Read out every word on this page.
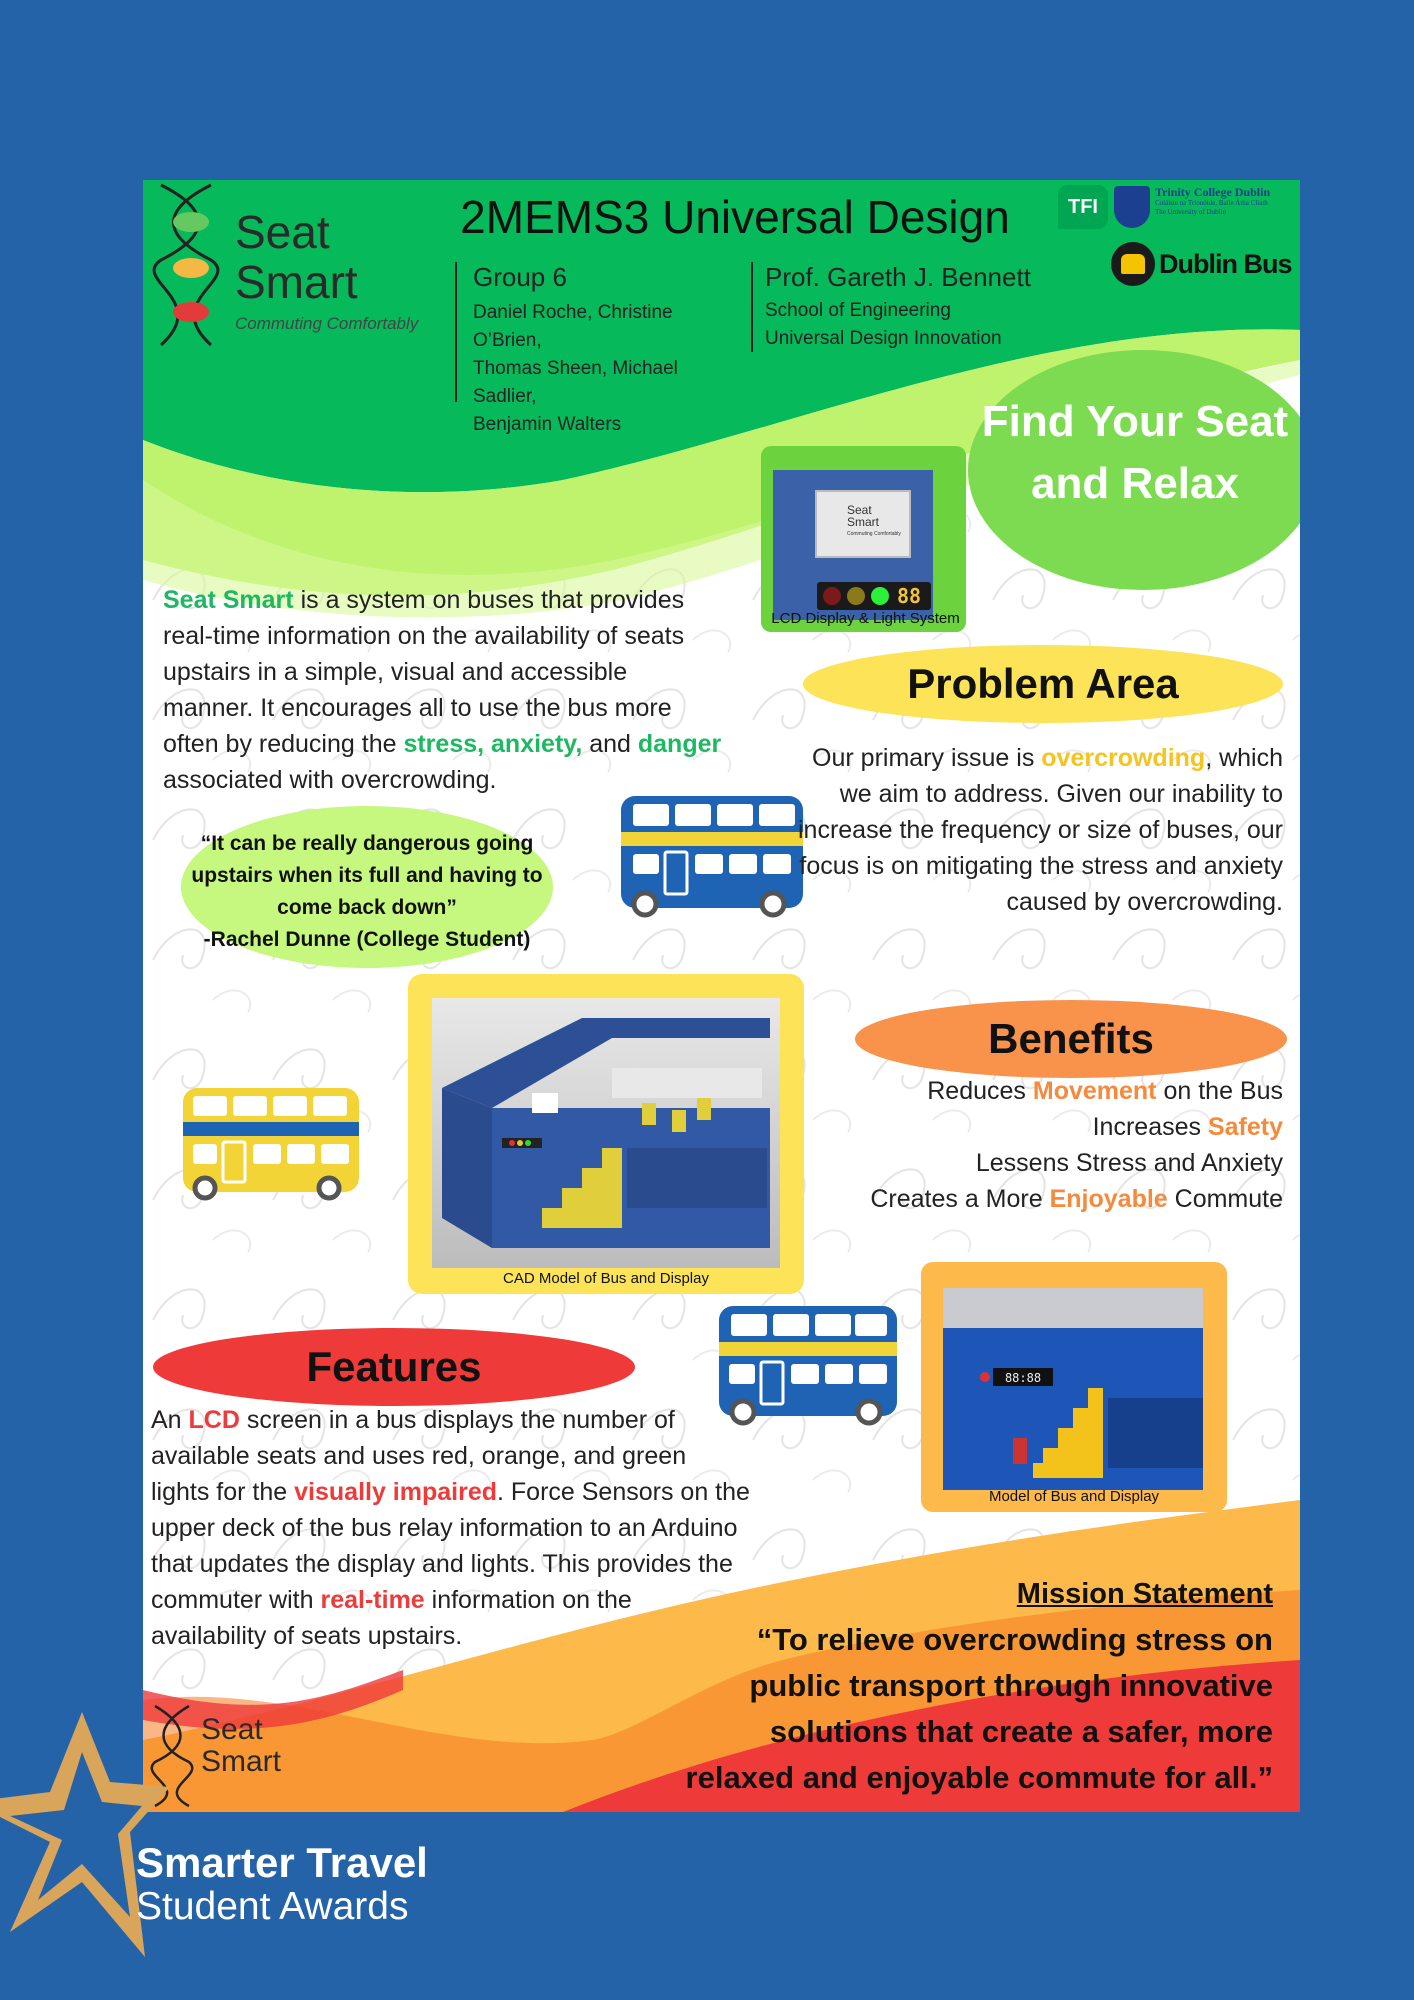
Seat
Smart
Commuting Comfortably
2MEMS3 Universal Design
Group 6
Daniel Roche, Christine O’Brien,
Thomas Sheen, Michael Sadlier,
Benjamin Walters
Prof. Gareth J. Bennett
School of Engineering
Universal Design Innovation
TFI
Trinity College Dublin
Coláiste na Tríonóide, Baile Átha Cliath
The University of Dublin
Dublin Bus
Find Your Seat
and Relax
Seat
Smart
Commuting Comfortably
88
LCD Display & Light System
Seat Smart is a system on buses that provides real-time information on the availability of seats upstairs in a simple, visual and accessible manner. It encourages all to use the bus more often by reducing the stress, anxiety, and danger associated with overcrowding.
“It can be really dangerous going
upstairs when its full and having to
come back down”
-Rachel Dunne (College Student)
Problem Area
Our primary issue is overcrowding, which we aim to address. Given our inability to increase the frequency or size of buses, our focus is on mitigating the stress and anxiety caused by overcrowding.
Benefits
Reduces Movement on the Bus
Increases Safety
Lessens Stress and Anxiety
Creates a More Enjoyable Commute
CAD Model of Bus and Display
88:88
Model of Bus and Display
Features
An LCD screen in a bus displays the number of available seats and uses red, orange, and green lights for the visually impaired. Force Sensors on the upper deck of the bus relay information to an Arduino that updates the display and lights. This provides the commuter with real-time information on the availability of seats upstairs.
Mission Statement
“To relieve overcrowding stress on
public transport through innovative
solutions that create a safer, more
relaxed and enjoyable commute for all.”
Seat
Smart
Smarter Travel
Student Awards
